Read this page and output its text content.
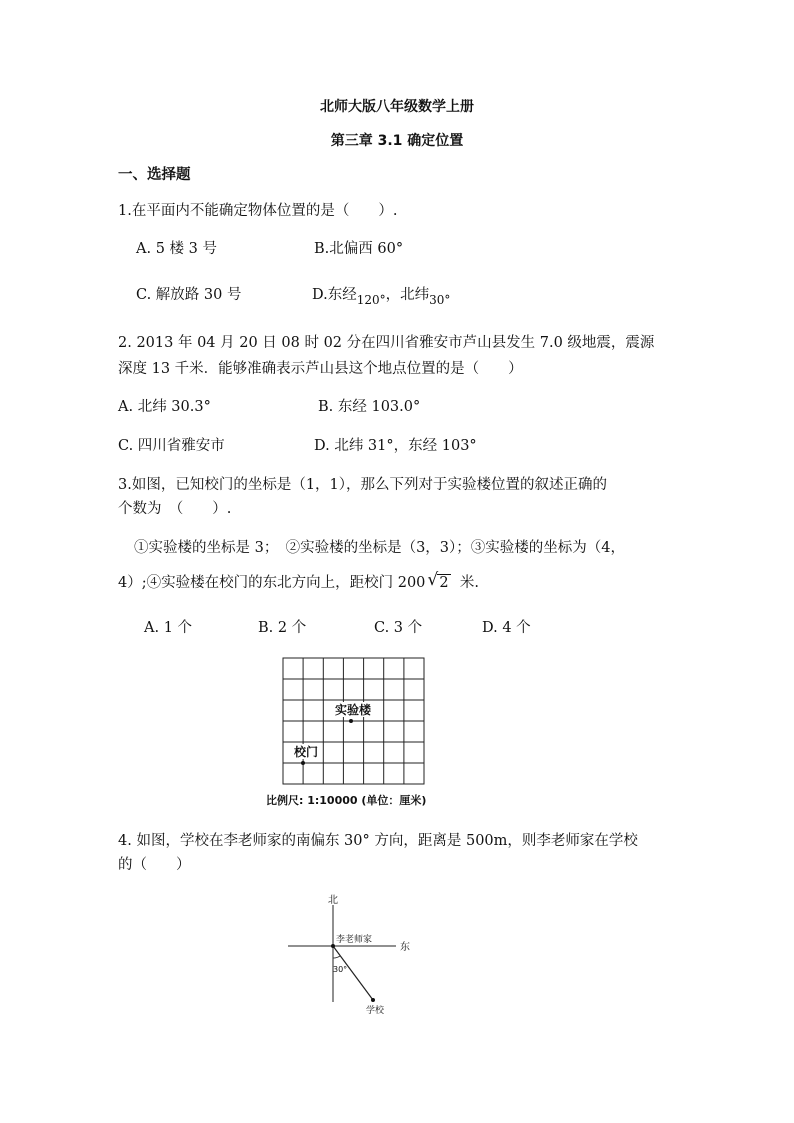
北师大版八年级数学上册
第三章 3.1 确定位置
一、选择题
1.在平面内不能确定物体位置的是（　　）.
A. 5 楼 3 号	B.北偏西 60°
C. 解放路 30 号	D.东经$_{120^\circ}$，北纬$_{30^\circ}$
2. 2013 年 04 月 20 日 08 时 02 分在四川省雅安市芦山县发生 7.0 级地震，震源
深度 13 千米．能够准确表示芦山县这个地点位置的是（　　）
A. 北纬 30.3°	B. 东经 103.0°
C. 四川省雅安市	D. 北纬 31°，东经 103°
3.如图，已知校门的坐标是（1，1），那么下列对于实验楼位置的叙述正确的
个数为　（　　）.
①实验楼的坐标是 3；　②实验楼的坐标是（3，3）；③实验楼的坐标为（4，
4）;④实验楼在校门的东北方向上，距校门 200 √ 2 米.
A. 1 个	B. 2 个	C. 3 个	D. 4 个
实验楼
校门
比例尺: 1:10000 (单位：厘米)
4. 如图，学校在李老师家的南偏东 30° 方向，距离是 500m，则李老师家在学校
的（　　）
北
东
李老师家
30°
学校
